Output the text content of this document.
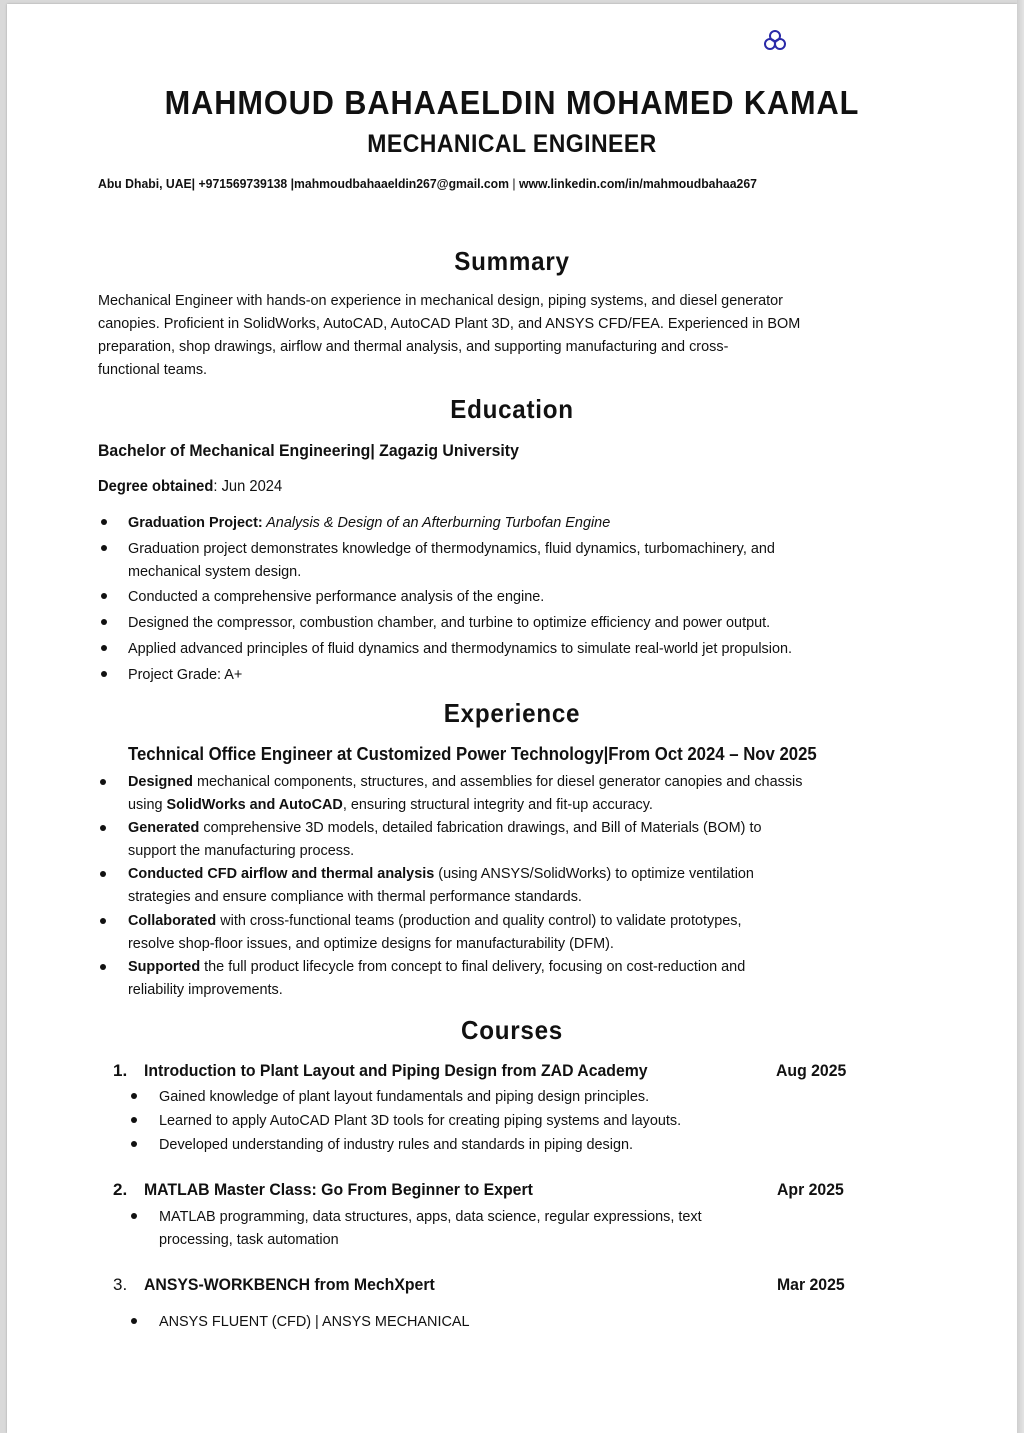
MAHMOUD BAHAAELDIN MOHAMED KAMAL
MECHANICAL ENGINEER
Abu Dhabi, UAE| +971569739138 |mahmoudbahaaeldin267@gmail.com | www.linkedin.com/in/mahmoudbahaa267
Summary
Mechanical Engineer with hands-on experience in mechanical design, piping systems, and diesel generator
canopies. Proficient in SolidWorks, AutoCAD, AutoCAD Plant 3D, and ANSYS CFD/FEA. Experienced in BOM
preparation, shop drawings, airflow and thermal analysis, and supporting manufacturing and cross-
functional teams.
Education
Bachelor of Mechanical Engineering| Zagazig University
Degree obtained: Jun 2024
Graduation Project: Analysis & Design of an Afterburning Turbofan Engine
Graduation project demonstrates knowledge of thermodynamics, fluid dynamics, turbomachinery, and
mechanical system design.
Conducted a comprehensive performance analysis of the engine.
Designed the compressor, combustion chamber, and turbine to optimize efficiency and power output.
Applied advanced principles of fluid dynamics and thermodynamics to simulate real-world jet propulsion.
Project Grade: A+
Experience
Technical Office Engineer at Customized Power Technology|From Oct 2024 – Nov 2025
Designed mechanical components, structures, and assemblies for diesel generator canopies and chassis
using SolidWorks and AutoCAD, ensuring structural integrity and fit-up accuracy.
Generated comprehensive 3D models, detailed fabrication drawings, and Bill of Materials (BOM) to
support the manufacturing process.
Conducted CFD airflow and thermal analysis (using ANSYS/SolidWorks) to optimize ventilation
strategies and ensure compliance with thermal performance standards.
Collaborated with cross-functional teams (production and quality control) to validate prototypes,
resolve shop-floor issues, and optimize designs for manufacturability (DFM).
Supported the full product lifecycle from concept to final delivery, focusing on cost-reduction and
reliability improvements.
Courses
1. Introduction to Plant Layout and Piping Design from ZAD Academy	Aug 2025
Gained knowledge of plant layout fundamentals and piping design principles.
Learned to apply AutoCAD Plant 3D tools for creating piping systems and layouts.
Developed understanding of industry rules and standards in piping design.
2. MATLAB Master Class: Go From Beginner to Expert	Apr 2025
MATLAB programming, data structures, apps, data science, regular expressions, text
processing, task automation
3. ANSYS-WORKBENCH from MechXpert	Mar 2025
ANSYS FLUENT (CFD) | ANSYS MECHANICAL
